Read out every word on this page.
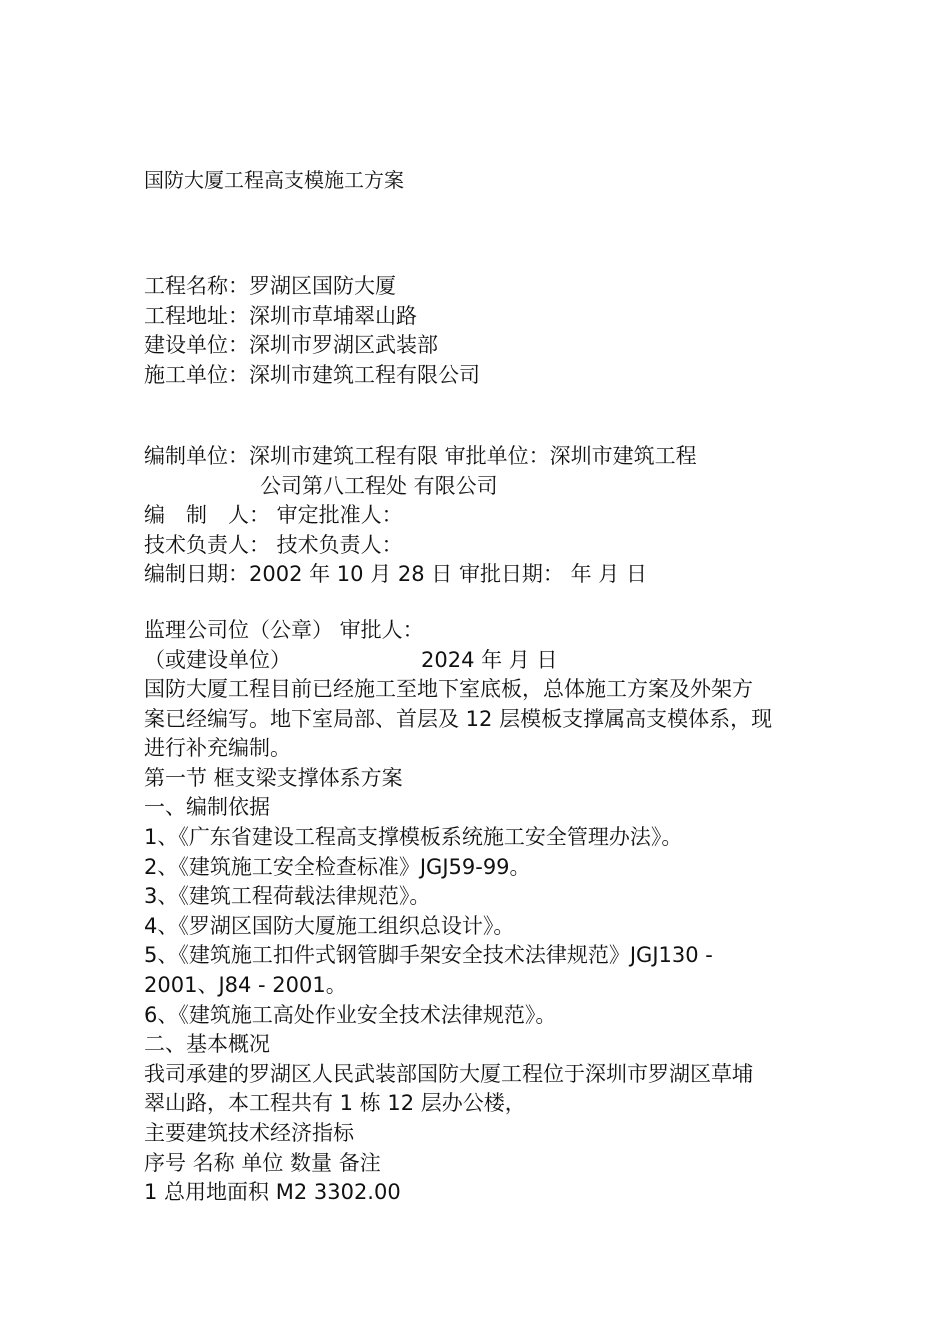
国防大厦工程高支模施工方案
工程名称：罗湖区国防大厦
工程地址：深圳市草埔翠山路
建设单位：深圳市罗湖区武装部
施工单位：深圳市建筑工程有限公司
编制单位：深圳市建筑工程有限 审批单位：深圳市建筑工程
公司第八工程处 有限公司
编 制 人： 审定批准人：
技术负责人： 技术负责人：
编制日期：2002 年 10 月 28 日 审批日期： 年 月 日
监理公司位（公章） 审批人：
（或建设单位）	2024 年 月 日
国防大厦工程目前已经施工至地下室底板，总体施工方案及外架方
案已经编写。地下室局部、首层及 12 层模板支撑属高支模体系，现
进行补充编制。
第一节 框支梁支撑体系方案
一、编制依据
1、《广东省建设工程高支撑模板系统施工安全管理办法》。
2、《建筑施工安全检查标准》JGJ59-99。
3、《建筑工程荷载法律规范》。
4、《罗湖区国防大厦施工组织总设计》。
5、《建筑施工扣件式钢管脚手架安全技术法律规范》JGJ130 -
2001、J84 - 2001。
6、《建筑施工高处作业安全技术法律规范》。
二、基本概况
我司承建的罗湖区人民武装部国防大厦工程位于深圳市罗湖区草埔
翠山路，本工程共有 1 栋 12 层办公楼，
主要建筑技术经济指标
序号 名称 单位 数量 备注
1 总用地面积 M2 3302.00
